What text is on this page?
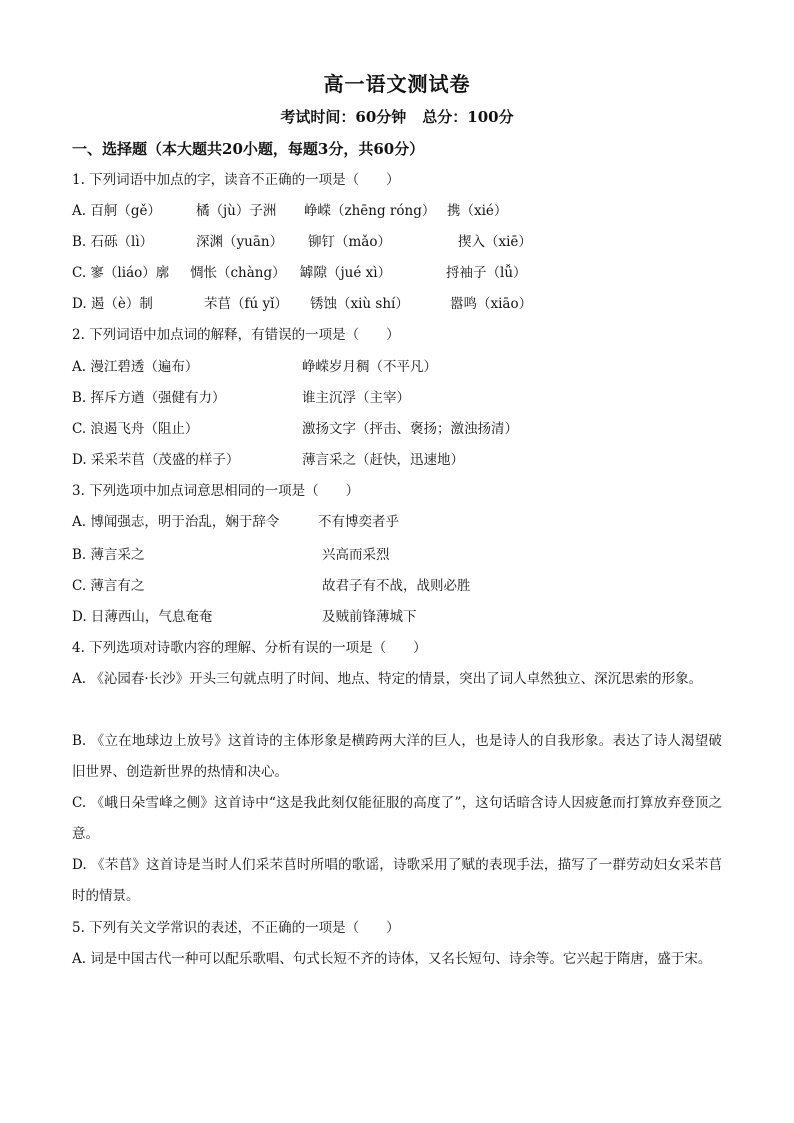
高一语文测试卷
考试时间：60分钟 总分：100分
一、选择题（本大题共20小题，每题3分，共60分）
1. 下列词语中加点的字，读音不正确的一项是（　　）
A. 百舸（gě）	橘（jù）子洲 峥嵘（zhēng róng） 携（xié）
B. 石砾（lì）	深渊（yuān） 铆钉（mǎo）	揳入（xiē）
C. 寥（liáo）廓 惆怅（chàng） 罅隙（jué xì）	捋袖子（lǚ）
D. 遏（è）制	芣苢（fú yǐ） 锈蚀（xiù shí）	嚣鸣（xiāo）
2. 下列词语中加点词的解释，有错误的一项是（　　）
A. 漫江碧透（遍布）	峥嵘岁月稠（不平凡）
B. 挥斥方遒（强健有力）	谁主沉浮（主宰）
C. 浪遏飞舟（阻止）	激扬文字（抨击、褒扬；激浊扬清）
D. 采采芣苢（茂盛的样子）	薄言采之（赶快，迅速地）
3. 下列选项中加点词意思相同的一项是（　　）
A. 博闻强志，明于治乱，娴于辞令	不有博奕者乎
B. 薄言采之	兴高而采烈
C. 薄言有之	故君子有不战，战则必胜
D. 日薄西山，气息奄奄	及贼前锋薄城下
4. 下列选项对诗歌内容的理解、分析有误的一项是（　　）
A. 《沁园春·长沙》开头三句就点明了时间、地点、特定的情景，突出了词人卓然独立、深沉思索的形象。
B. 《立在地球边上放号》这首诗的主体形象是横跨两大洋的巨人，也是诗人的自我形象。表达了诗人渴望破旧世界、创造新世界的热情和决心。
C. 《峨日朵雪峰之侧》这首诗中“这是我此刻仅能征服的高度了”，这句话暗含诗人因疲惫而打算放弃登顶之意。
D. 《芣苢》这首诗是当时人们采芣苢时所唱的歌谣，诗歌采用了赋的表现手法，描写了一群劳动妇女采芣苢时的情景。
5. 下列有关文学常识的表述，不正确的一项是（　　）
A. 词是中国古代一种可以配乐歌唱、句式长短不齐的诗体，又名长短句、诗余等。它兴起于隋唐，盛于宋。
